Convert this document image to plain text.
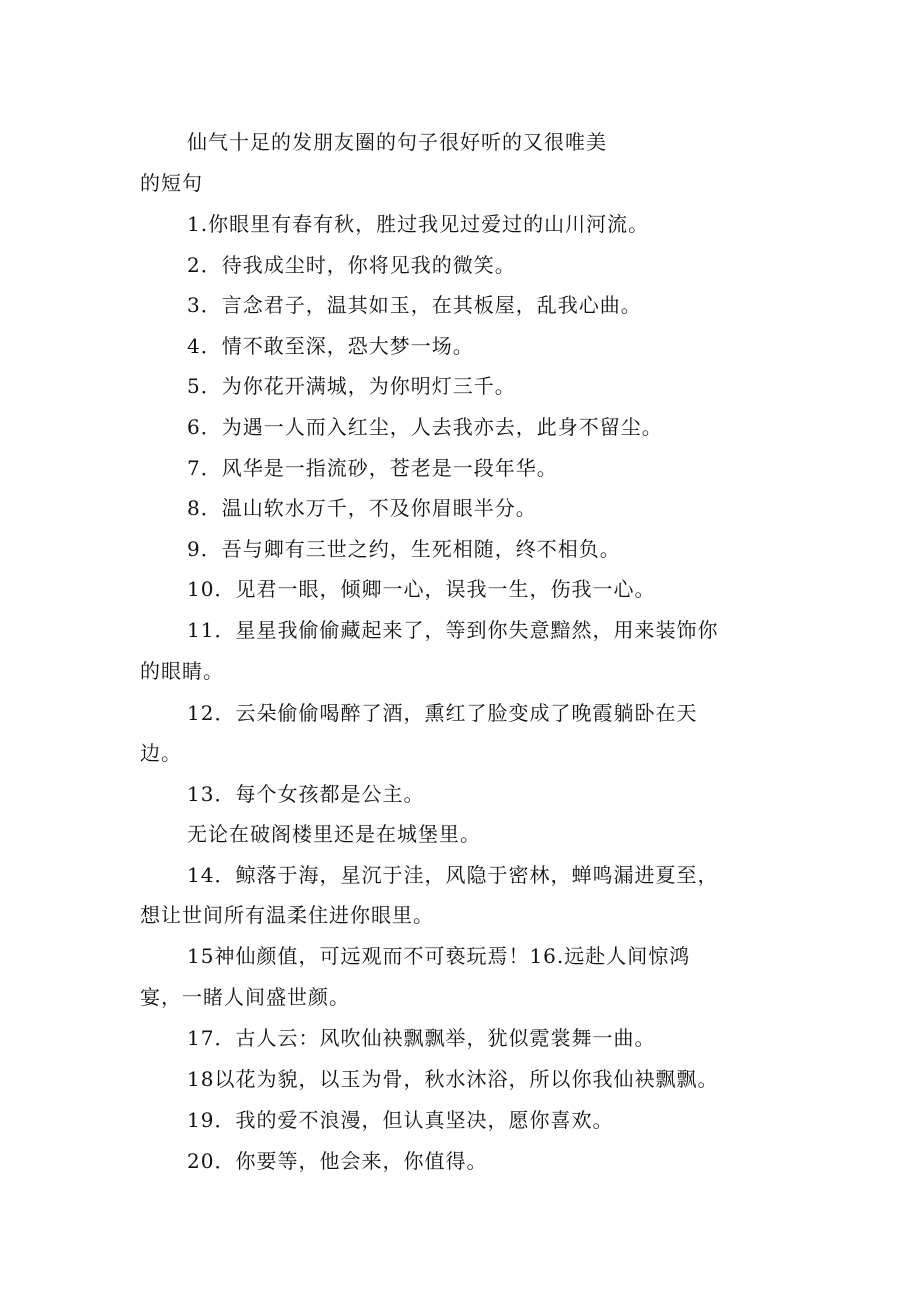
仙气十足的发朋友圈的句子很好听的又很唯美
的短句
1.你眼里有春有秋，胜过我见过爱过的山川河流。
2．待我成尘时，你将见我的微笑。
3．言念君子，温其如玉，在其板屋，乱我心曲。
4．情不敢至深，恐大梦一场。
5．为你花开满城，为你明灯三千。
6．为遇一人而入红尘，人去我亦去，此身不留尘。
7．风华是一指流砂，苍老是一段年华。
8．温山软水万千，不及你眉眼半分。
9．吾与卿有三世之约，生死相随，终不相负。
10．见君一眼，倾卿一心，误我一生，伤我一心。
11．星星我偷偷藏起来了，等到你失意黯然，用来装饰你
的眼睛。
12．云朵偷偷喝醉了酒，熏红了脸变成了晚霞躺卧在天
边。
13．每个女孩都是公主。
无论在破阁楼里还是在城堡里。
14．鲸落于海，星沉于洼，风隐于密林，蝉鸣漏进夏至，
想让世间所有温柔住进你眼里。
15神仙颜值，可远观而不可亵玩焉！16.远赴人间惊鸿
宴，一睹人间盛世颜。
17．古人云：风吹仙袂飘飘举，犹似霓裳舞一曲。
18以花为貌，以玉为骨，秋水沐浴，所以你我仙袂飘飘。
19．我的爱不浪漫，但认真坚决，愿你喜欢。
20．你要等，他会来，你值得。
